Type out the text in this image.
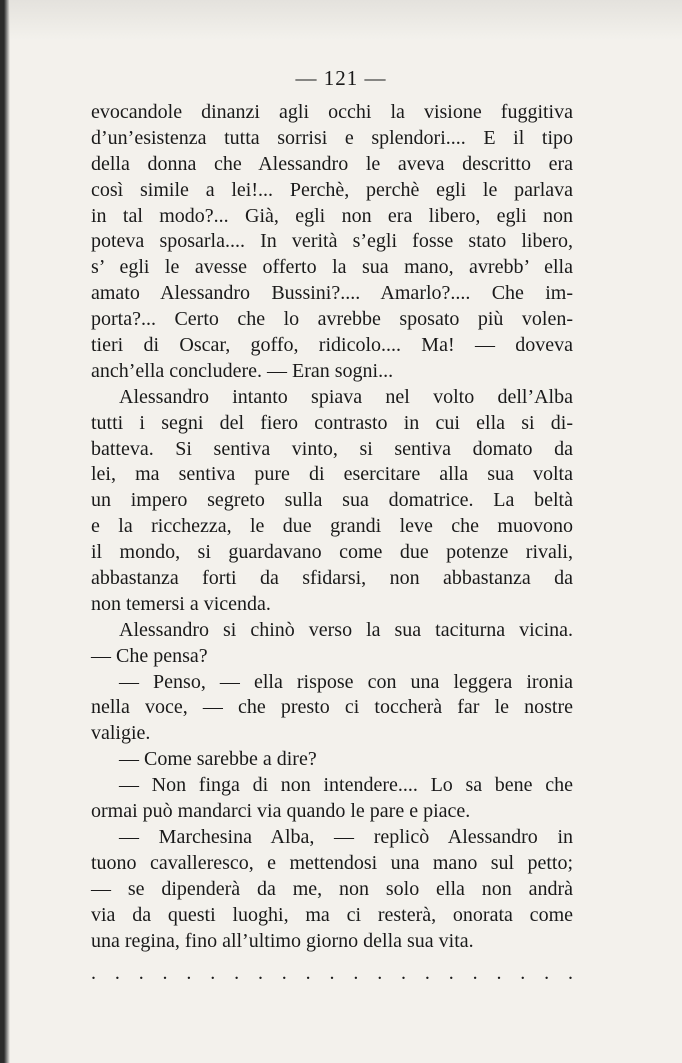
— 121 —
evocandole dinanzi agli occhi la visione fuggitiva
d’un’esistenza tutta sorrisi e splendori.... E il tipo
della donna che Alessandro le aveva descritto era
così simile a lei!... Perchè, perchè egli le parlava
in tal modo?... Già, egli non era libero, egli non
poteva sposarla.... In verità s’egli fosse stato libero,
s’ egli le avesse offerto la sua mano, avrebb’ ella
amato Alessandro Bussini?.... Amarlo?.... Che im-
porta?... Certo che lo avrebbe sposato più volen-
tieri di Oscar, goffo, ridicolo.... Ma! — doveva
anch’ella concludere. — Eran sogni...
Alessandro intanto spiava nel volto dell’Alba
tutti i segni del fiero contrasto in cui ella si di-
batteva. Si sentiva vinto, si sentiva domato da
lei, ma sentiva pure di esercitare alla sua volta
un impero segreto sulla sua domatrice. La beltà
e la ricchezza, le due grandi leve che muovono
il mondo, si guardavano come due potenze rivali,
abbastanza forti da sfidarsi, non abbastanza da
non temersi a vicenda.
Alessandro si chinò verso la sua taciturna vicina.
— Che pensa?
— Penso, — ella rispose con una leggera ironia
nella voce, — che presto ci toccherà far le nostre
valigie.
— Come sarebbe a dire?
— Non finga di non intendere.... Lo sa bene che
ormai può mandarci via quando le pare e piace.
— Marchesina Alba, — replicò Alessandro in
tuono cavalleresco, e mettendosi una mano sul petto;
— se dipenderà da me, non solo ella non andrà
via da questi luoghi, ma ci resterà, onorata come
una regina, fino all’ultimo giorno della sua vita.
. . . . . . . . . . . . . . . . . . . . .
